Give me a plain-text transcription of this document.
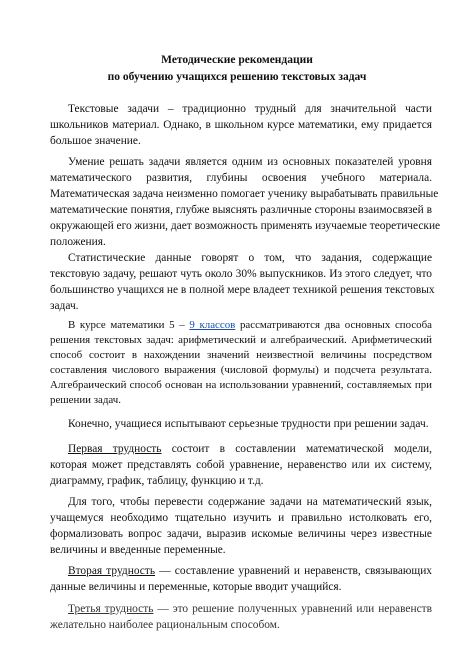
Методические рекомендации
по обучению учащихся решению текстовых задач
Текстовые задачи – традиционно трудный для значительной части
школьников материал. Однако, в школьном курсе математики, ему придается
большое значение.
Умение решать задачи является одним из основных показателей уровня
математического развития, глубины освоения учебного материала.
Математическая задача неизменно помогает ученику вырабатывать правильные
математические понятия, глубже выяснять различные стороны взаимосвязей в
окружающей его жизни, дает возможность применять изучаемые теоретические
положения.
Статистические данные говорят о том, что задания, содержащие
текстовую задачу, решают чуть около 30% выпускников. Из этого следует, что
большинство учащихся не в полной мере владеет техникой решения текстовых
задач.
В курсе математики 5 – 9 классов рассматриваются два основных способа
решения текстовых задач: арифметический и алгебраический. Арифметический
способ состоит в нахождении значений неизвестной величины посредством
составления числового выражения (числовой формулы) и подсчета результата.
Алгебраический способ основан на использовании уравнений, составляемых при
решении задач.
Конечно, учащиеся испытывают серьезные трудности при решении задач.
Первая трудность состоит в составлении математической модели,
которая может представлять собой уравнение, неравенство или их систему,
диаграмму, график, таблицу, функцию и т.д.
Для того, чтобы перевести содержание задачи на математический язык,
учащемуся необходимо тщательно изучить и правильно истолковать его,
формализовать вопрос задачи, выразив искомые величины через известные
величины и введенные переменные.
Вторая трудность — составление уравнений и неравенств, связывающих
данные величины и переменные, которые вводит учащийся.
Третья трудность — это решение полученных уравнений или неравенств
желательно наиболее рациональным способом.
